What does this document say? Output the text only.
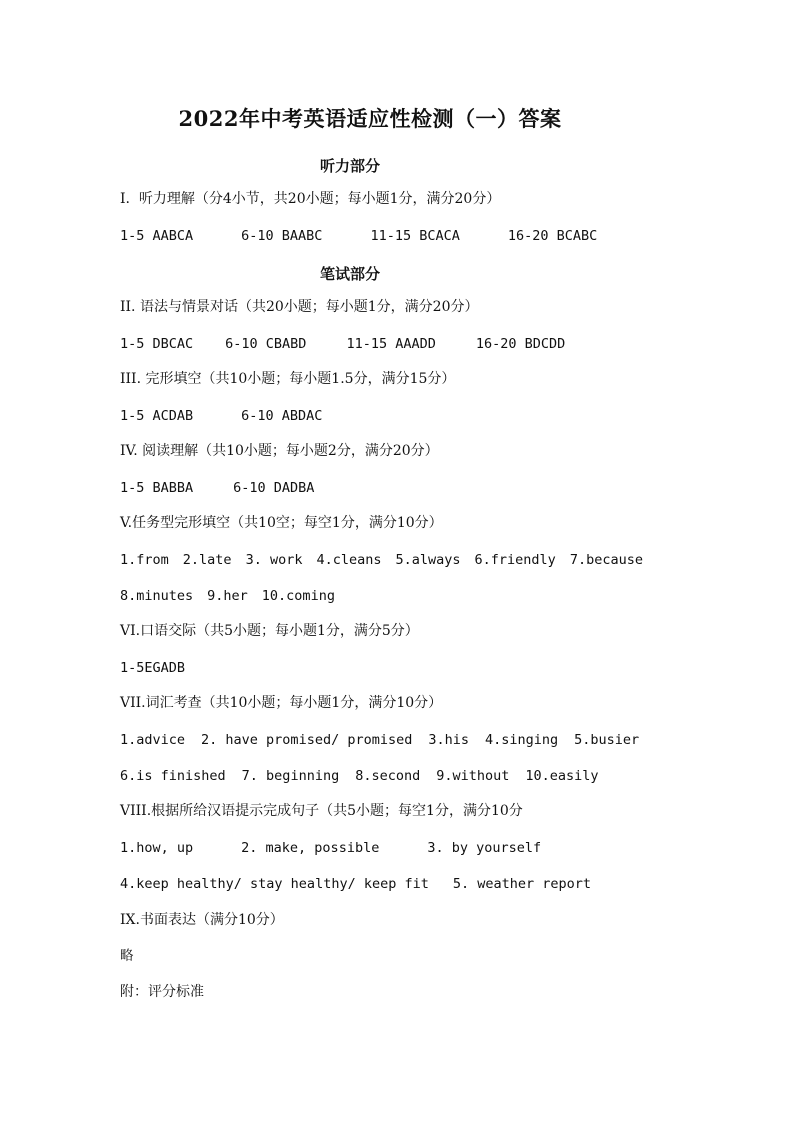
2022年中考英语适应性检测（一）答案
听力部分
笔试部分
I.  听力理解（分4小节，共20小题；每小题1分，满分20分）
1-5 AABCA	6-10 BAABC	11-15 BCACA	16-20 BCABC
II. 语法与情景对话（共20小题；每小题1分，满分20分）
1-5 DBCAC 6-10 CBABD	11-15 AAADD	16-20 BDCDD
III. 完形填空（共10小题；每小题1.5分，满分15分）
1-5 ACDAB	6-10 ABDAC
IV. 阅读理解（共10小题；每小题2分，满分20分）
1-5 BABBA	6-10 DADBA
V.任务型完形填空（共10空；每空1分，满分10分）
1.from 2.late 3. work 4.cleans 5.always 6.friendly 7.because
8.minutes 9.her 10.coming
VI.口语交际（共5小题；每小题1分，满分5分）
1-5EGADB
VII.词汇考查（共10小题；每小题1分，满分10分）
1.advice 2. have promised/ promised 3.his 4.singing 5.busier
6.is finished 7. beginning 8.second 9.without 10.easily
VIII.根据所给汉语提示完成句子（共5小题；每空1分，满分10分
1.how, up	2. make, possible	3. by yourself
4.keep healthy/ stay healthy/ keep fit 5. weather report
IX.书面表达（满分10分）
略
附：评分标准
